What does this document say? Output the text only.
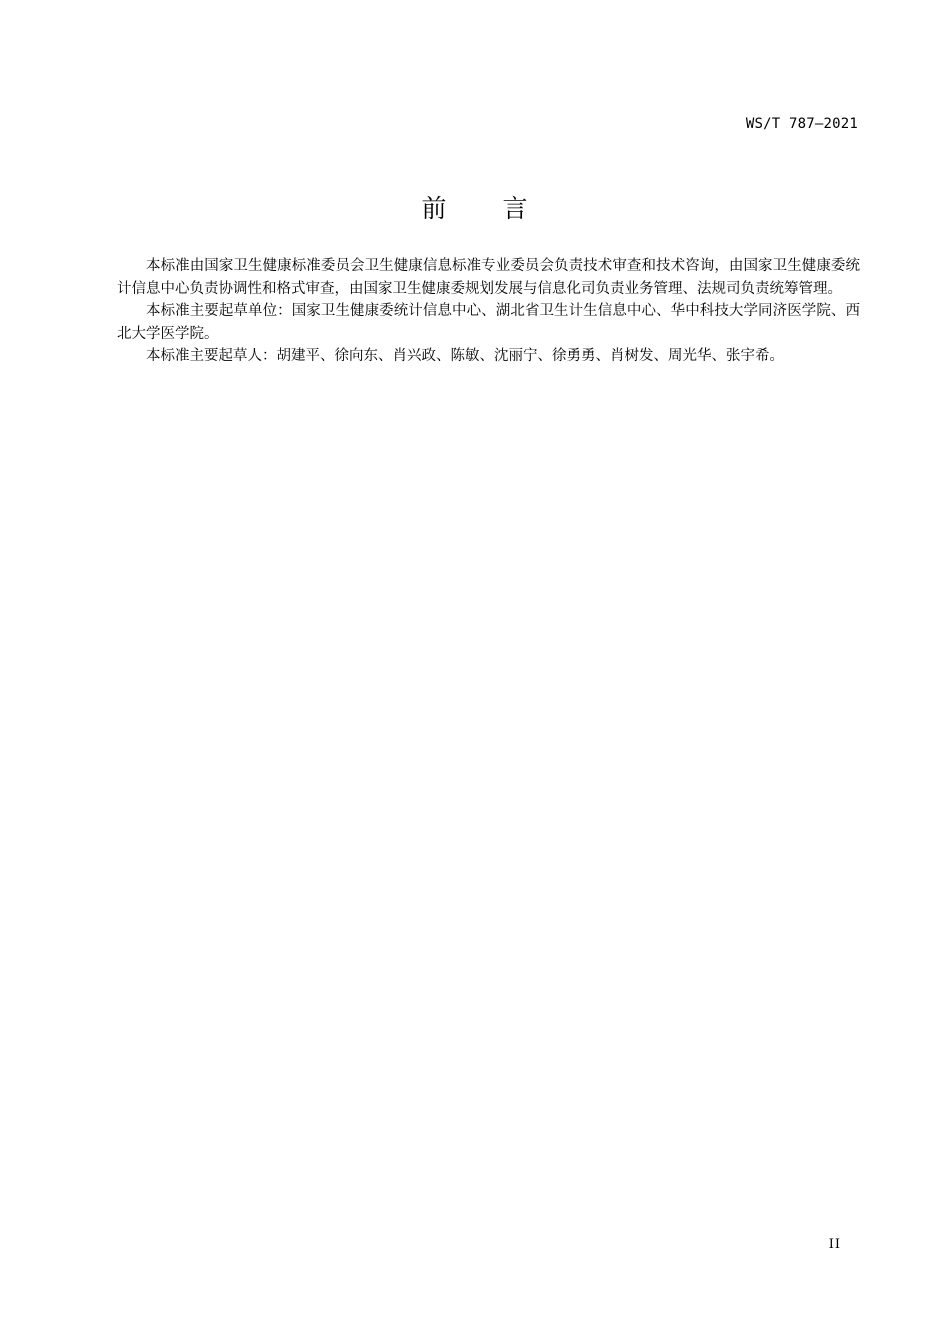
WS/T 787—2021
前 言

本标准由国家卫生健康标准委员会卫生健康信息标准专业委员会负责技术审查和技术咨询，由国家卫生健康委统计信息中心负责协调性和格式审查，由国家卫生健康委规划发展与信息化司负责业务管理、法规司负责统筹管理。

本标准主要起草单位：国家卫生健康委统计信息中心、湖北省卫生计生信息中心、华中科技大学同济医学院、西北大学医学院。

本标准主要起草人：胡建平、徐向东、肖兴政、陈敏、沈丽宁、徐勇勇、肖树发、周光华、张宇希。

II
